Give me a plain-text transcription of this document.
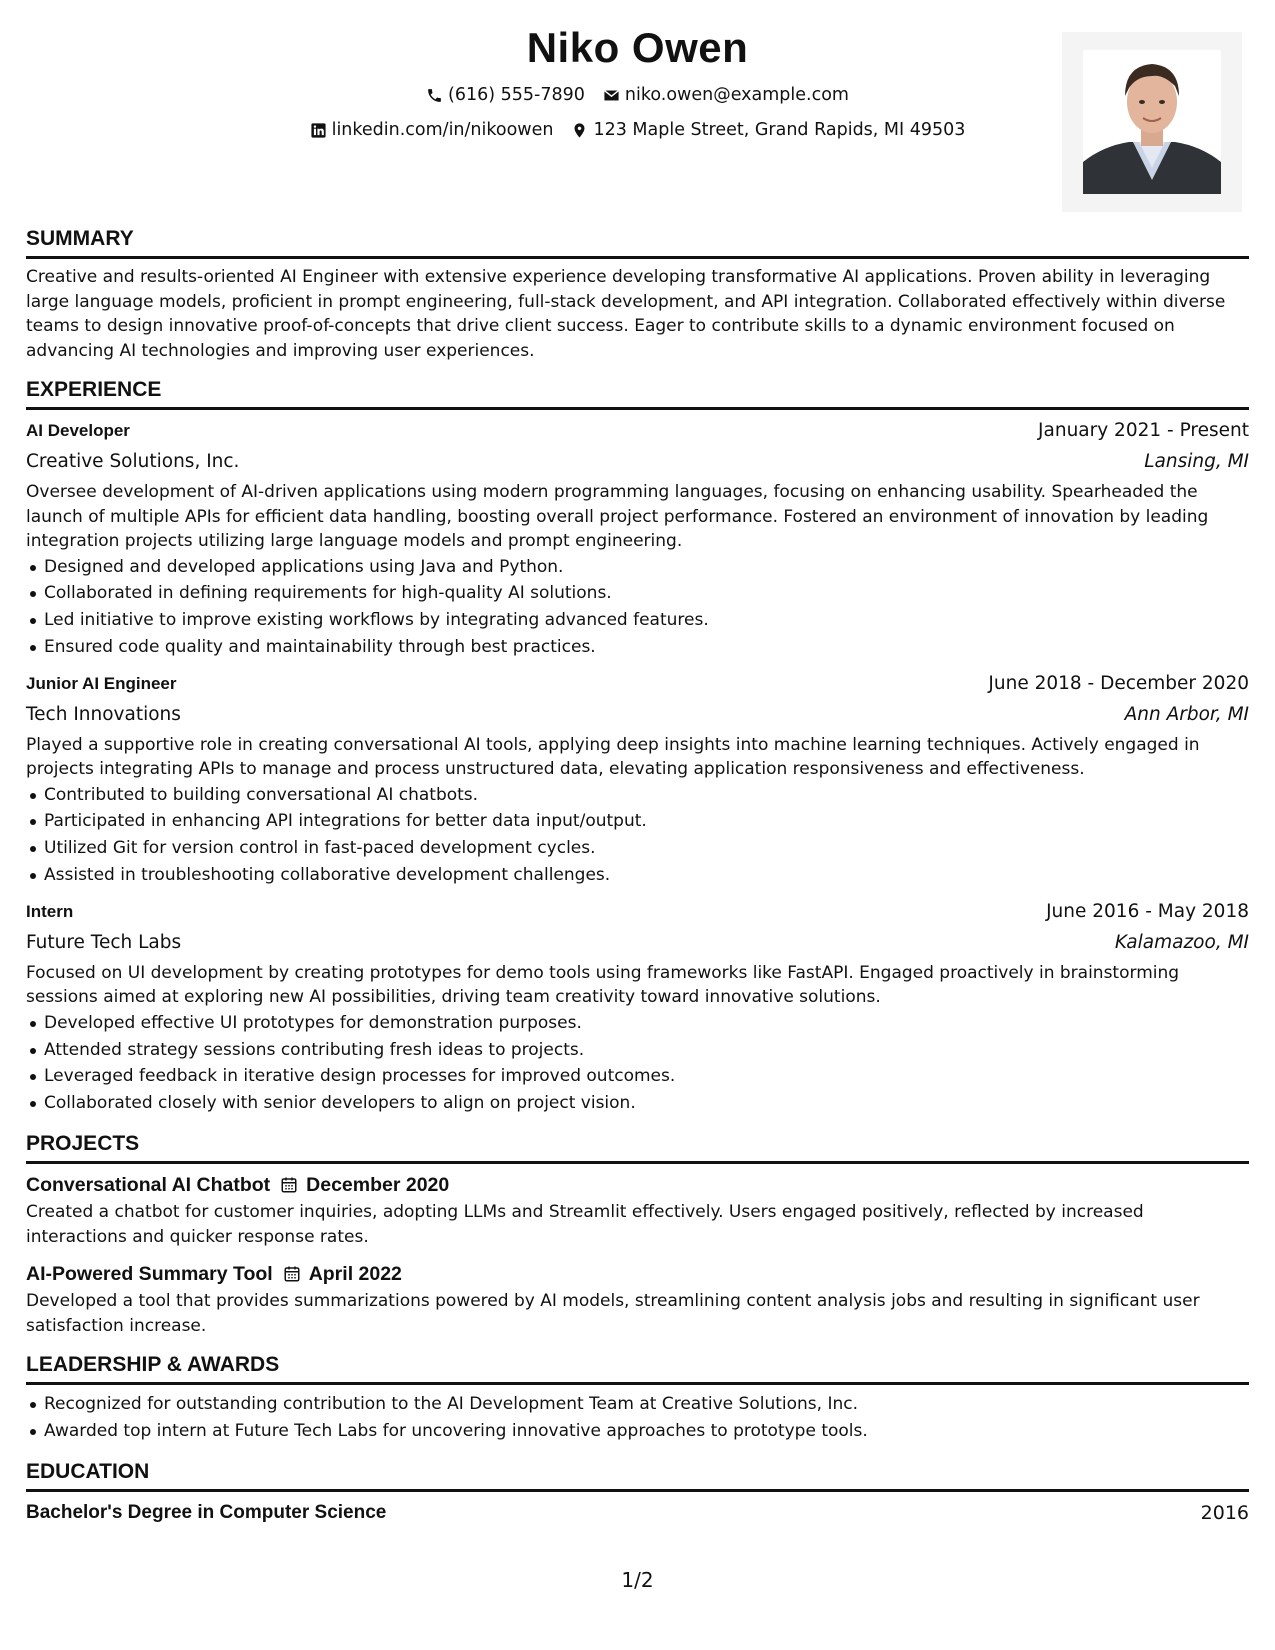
Niko Owen
(616) 555-7890 niko.owen@example.com
linkedin.com/in/nikoowen 123 Maple Street, Grand Rapids, MI 49503
SUMMARY

Creative and results-oriented AI Engineer with extensive experience developing transformative AI applications. Proven ability in leveraging large language models, proficient in prompt engineering, full-stack development, and API integration. Collaborated effectively within diverse teams to design innovative proof-of-concepts that drive client success. Eager to contribute skills to a dynamic environment focused on advancing AI technologies and improving user experiences.

EXPERIENCE
AI Developer	January 2021 - Present
Creative Solutions, Inc.	Lansing, MI

Oversee development of AI-driven applications using modern programming languages, focusing on enhancing usability. Spearheaded the launch of multiple APIs for efficient data handling, boosting overall project performance. Fostered an environment of innovation by leading integration projects utilizing large language models and prompt engineering.

Designed and developed applications using Java and Python.
Collaborated in defining requirements for high-quality AI solutions.
Led initiative to improve existing workflows by integrating advanced features.
Ensured code quality and maintainability through best practices.
Junior AI Engineer	June 2018 - December 2020
Tech Innovations	Ann Arbor, MI

Played a supportive role in creating conversational AI tools, applying deep insights into machine learning techniques. Actively engaged in projects integrating APIs to manage and process unstructured data, elevating application responsiveness and effectiveness.

Contributed to building conversational AI chatbots.
Participated in enhancing API integrations for better data input/output.
Utilized Git for version control in fast-paced development cycles.
Assisted in troubleshooting collaborative development challenges.
Intern	June 2016 - May 2018
Future Tech Labs	Kalamazoo, MI

Focused on UI development by creating prototypes for demo tools using frameworks like FastAPI. Engaged proactively in brainstorming sessions aimed at exploring new AI possibilities, driving team creativity toward innovative solutions.

Developed effective UI prototypes for demonstration purposes.
Attended strategy sessions contributing fresh ideas to projects.
Leveraged feedback in iterative design processes for improved outcomes.
Collaborated closely with senior developers to align on project vision.
PROJECTS
Conversational AI Chatbot December 2020

Created a chatbot for customer inquiries, adopting LLMs and Streamlit effectively. Users engaged positively, reflected by increased interactions and quicker response rates.

AI-Powered Summary Tool April 2022

Developed a tool that provides summarizations powered by AI models, streamlining content analysis jobs and resulting in significant user satisfaction increase.

LEADERSHIP & AWARDS
Recognized for outstanding contribution to the AI Development Team at Creative Solutions, Inc.
Awarded top intern at Future Tech Labs for uncovering innovative approaches to prototype tools.
EDUCATION
Bachelor's Degree in Computer Science	2016
1/2
